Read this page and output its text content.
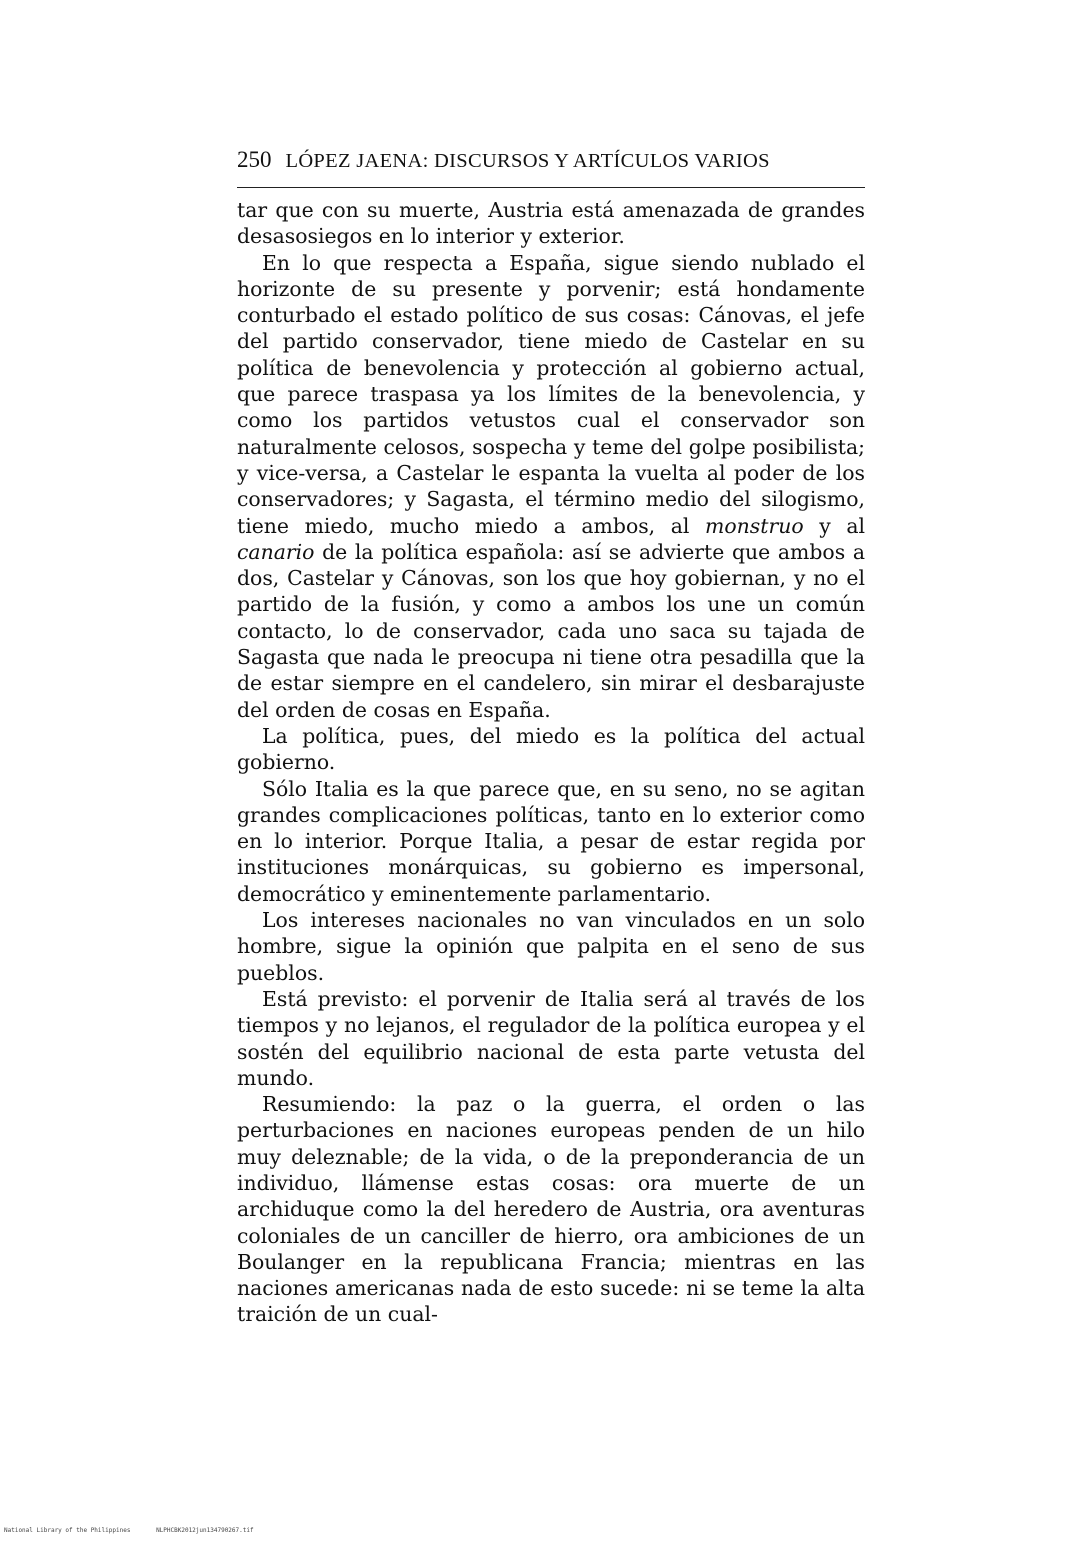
250 LÓPEZ JAENA: DISCURSOS Y ARTÍCULOS VARIOS

tar que con su muerte, Austria está amenazada de grandes desasosiegos en lo interior y exterior.

En lo que respecta a España, sigue siendo nublado el horizonte de su presente y porvenir; está hondamente conturbado el estado político de sus cosas: Cánovas, el jefe del partido conservador, tiene miedo de Castelar en su política de benevolencia y protección al gobierno actual, que parece traspasa ya los límites de la benevolencia, y como los partidos vetustos cual el conservador son naturalmente celosos, sospecha y teme del golpe posibilista; y vice-versa, a Castelar le espanta la vuelta al poder de los conservadores; y Sagasta, el término medio del silogismo, tiene miedo, mucho miedo a ambos, al monstruo y al canario de la política española: así se advierte que ambos a dos, Castelar y Cánovas, son los que hoy gobiernan, y no el partido de la fusión, y como a ambos los une un común contacto, lo de conservador, cada uno saca su tajada de Sagasta que nada le preocupa ni tiene otra pesadilla que la de estar siempre en el candelero, sin mirar el desbarajuste del orden de cosas en España.

La política, pues, del miedo es la política del actual gobierno.

Sólo Italia es la que parece que, en su seno, no se agitan grandes complicaciones políticas, tanto en lo exterior como en lo interior. Porque Italia, a pesar de estar regida por instituciones monárquicas, su gobierno es impersonal, democrático y eminentemente parlamentario.

Los intereses nacionales no van vinculados en un solo hombre, sigue la opinión que palpita en el seno de sus pueblos.

Está previsto: el porvenir de Italia será al través de los tiempos y no lejanos, el regulador de la política europea y el sostén del equilibrio nacional de esta parte vetusta del mundo.

Resumiendo: la paz o la guerra, el orden o las perturbaciones en naciones europeas penden de un hilo muy deleznable; de la vida, o de la preponderancia de un individuo, llámense estas cosas: ora muerte de un archiduque como la del heredero de Austria, ora aventuras coloniales de un canciller de hierro, ora ambiciones de un Boulanger en la republicana Francia; mientras en las naciones americanas nada de esto sucede: ni se teme la alta traición de un cual-

National Library of the Philippines	NLPHCBK2012jun134790267.tif
